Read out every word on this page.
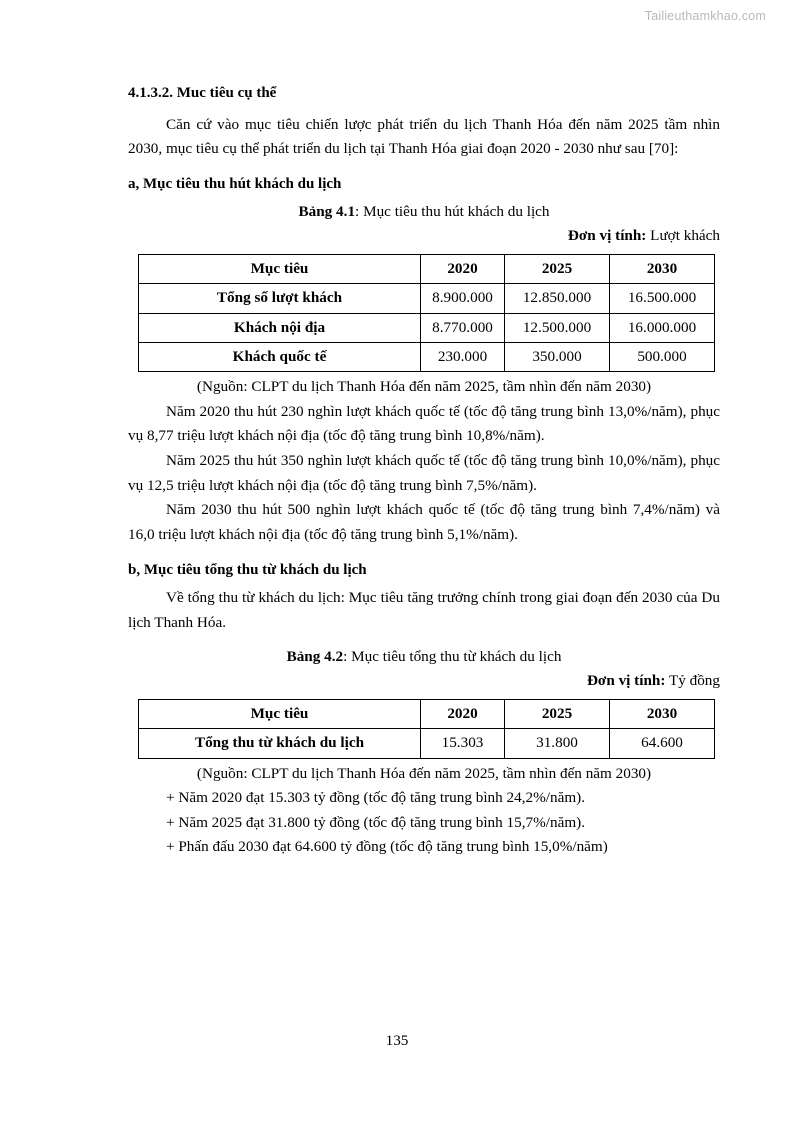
Tailieuthamkhao.com
4.1.3.2. Muc tiêu cụ thể

Căn cứ vào mục tiêu chiến lược phát triển du lịch Thanh Hóa đến năm 2025 tầm nhìn 2030, mục tiêu cụ thể phát triển du lịch tại Thanh Hóa giai đoạn 2020 - 2030 như sau [70]:

a, Mục tiêu thu hút khách du lịch

Bảng 4.1: Mục tiêu thu hút khách du lịch

Đơn vị tính: Lượt khách

Mục tiêu	2020	2025	2030
Tổng số lượt khách	8.900.000	12.850.000	16.500.000
Khách nội địa	8.770.000	12.500.000	16.000.000
Khách quốc tế	230.000	350.000	500.000

(Nguồn: CLPT du lịch Thanh Hóa đến năm 2025, tầm nhìn đến năm 2030)

Năm 2020 thu hút 230 nghìn lượt khách quốc tế (tốc độ tăng trung bình 13,0%/năm), phục vụ 8,77 triệu lượt khách nội địa (tốc độ tăng trung bình 10,8%/năm).

Năm 2025 thu hút 350 nghìn lượt khách quốc tế (tốc độ tăng trung bình 10,0%/năm), phục vụ 12,5 triệu lượt khách nội địa (tốc độ tăng trung bình 7,5%/năm).

Năm 2030 thu hút 500 nghìn lượt khách quốc tế (tốc độ tăng trung bình 7,4%/năm) và 16,0 triệu lượt khách nội địa (tốc độ tăng trung bình 5,1%/năm).

b, Mục tiêu tổng thu từ khách du lịch

Về tổng thu từ khách du lịch: Mục tiêu tăng trưởng chính trong giai đoạn đến 2030 của Du lịch Thanh Hóa.

Bảng 4.2: Mục tiêu tổng thu từ khách du lịch

Đơn vị tính: Tỷ đồng

Mục tiêu	2020	2025	2030
Tổng thu từ khách du lịch	15.303	31.800	64.600

(Nguồn: CLPT du lịch Thanh Hóa đến năm 2025, tầm nhìn đến năm 2030)

+ Năm 2020 đạt 15.303 tỷ đồng (tốc độ tăng trung bình 24,2%/năm).

+ Năm 2025 đạt 31.800 tỷ đồng (tốc độ tăng trung bình 15,7%/năm).

+ Phấn đấu 2030 đạt 64.600 tỷ đồng (tốc độ tăng trung bình 15,0%/năm)

135
